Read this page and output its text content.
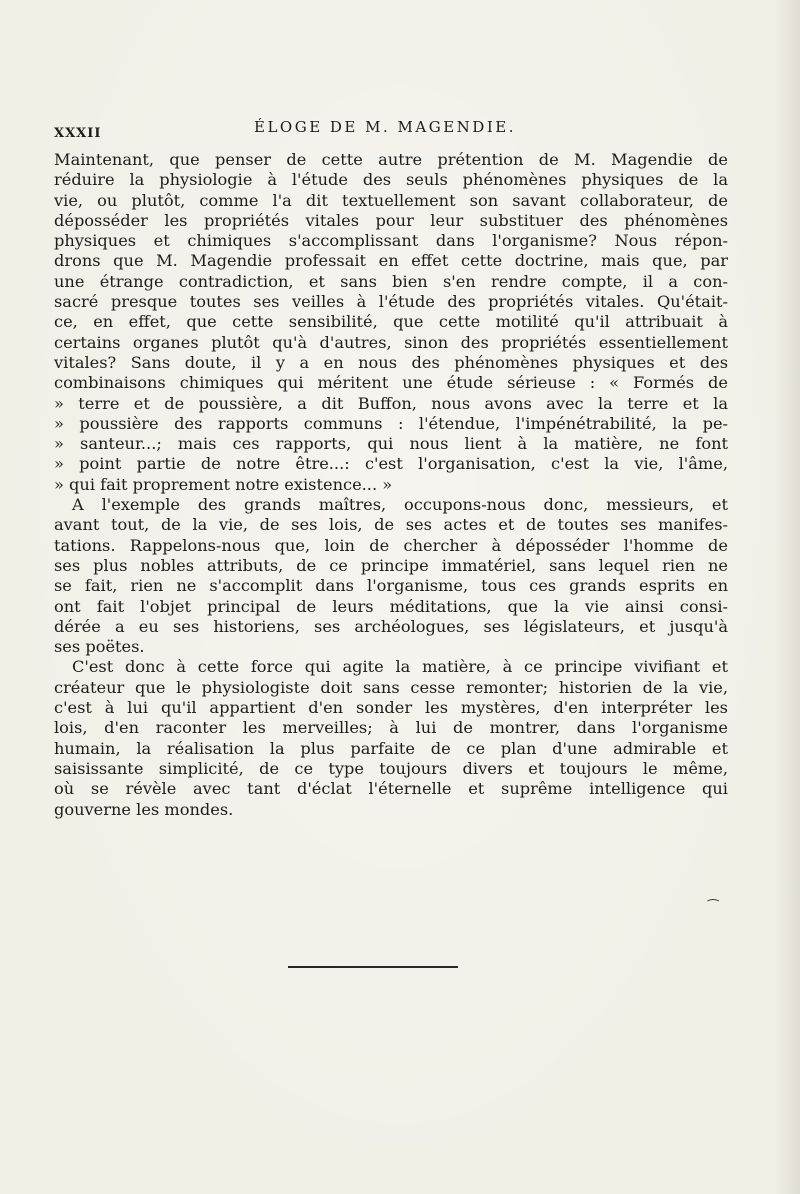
XXXII	ÉLOGE DE M. MAGENDIE.
Maintenant, que penser de cette autre prétention de M. Magendie de
réduire la physiologie à l'étude des seuls phénomènes physiques de la
vie, ou plutôt, comme l'a dit textuellement son savant collaborateur, de
déposséder les propriétés vitales pour leur substituer des phénomènes
physiques et chimiques s'accomplissant dans l'organisme? Nous répon-
drons que M. Magendie professait en effet cette doctrine, mais que, par
une étrange contradiction, et sans bien s'en rendre compte, il a con-
sacré presque toutes ses veilles à l'étude des propriétés vitales. Qu'était-
ce, en effet, que cette sensibilité, que cette motilité qu'il attribuait à
certains organes plutôt qu'à d'autres, sinon des propriétés essentiellement
vitales? Sans doute, il y a en nous des phénomènes physiques et des
combinaisons chimiques qui méritent une étude sérieuse : « Formés de
» terre et de poussière, a dit Buffon, nous avons avec la terre et la
» poussière des rapports communs : l'étendue, l'impénétrabilité, la pe-
» santeur...; mais ces rapports, qui nous lient à la matière, ne font
» point partie de notre être...: c'est l'organisation, c'est la vie, l'âme,
» qui fait proprement notre existence... »
A l'exemple des grands maîtres, occupons-nous donc, messieurs, et
avant tout, de la vie, de ses lois, de ses actes et de toutes ses manifes-
tations. Rappelons-nous que, loin de chercher à déposséder l'homme de
ses plus nobles attributs, de ce principe immatériel, sans lequel rien ne
se fait, rien ne s'accomplit dans l'organisme, tous ces grands esprits en
ont fait l'objet principal de leurs méditations, que la vie ainsi consi-
dérée a eu ses historiens, ses archéologues, ses législateurs, et jusqu'à
ses poëtes.
C'est donc à cette force qui agite la matière, à ce principe vivifiant et
créateur que le physiologiste doit sans cesse remonter; historien de la vie,
c'est à lui qu'il appartient d'en sonder les mystères, d'en interpréter les
lois, d'en raconter les merveilles; à lui de montrer, dans l'organisme
humain, la réalisation la plus parfaite de ce plan d'une admirable et
saisissante simplicité, de ce type toujours divers et toujours le même,
où se révèle avec tant d'éclat l'éternelle et suprême intelligence qui
gouverne les mondes.
⁀
